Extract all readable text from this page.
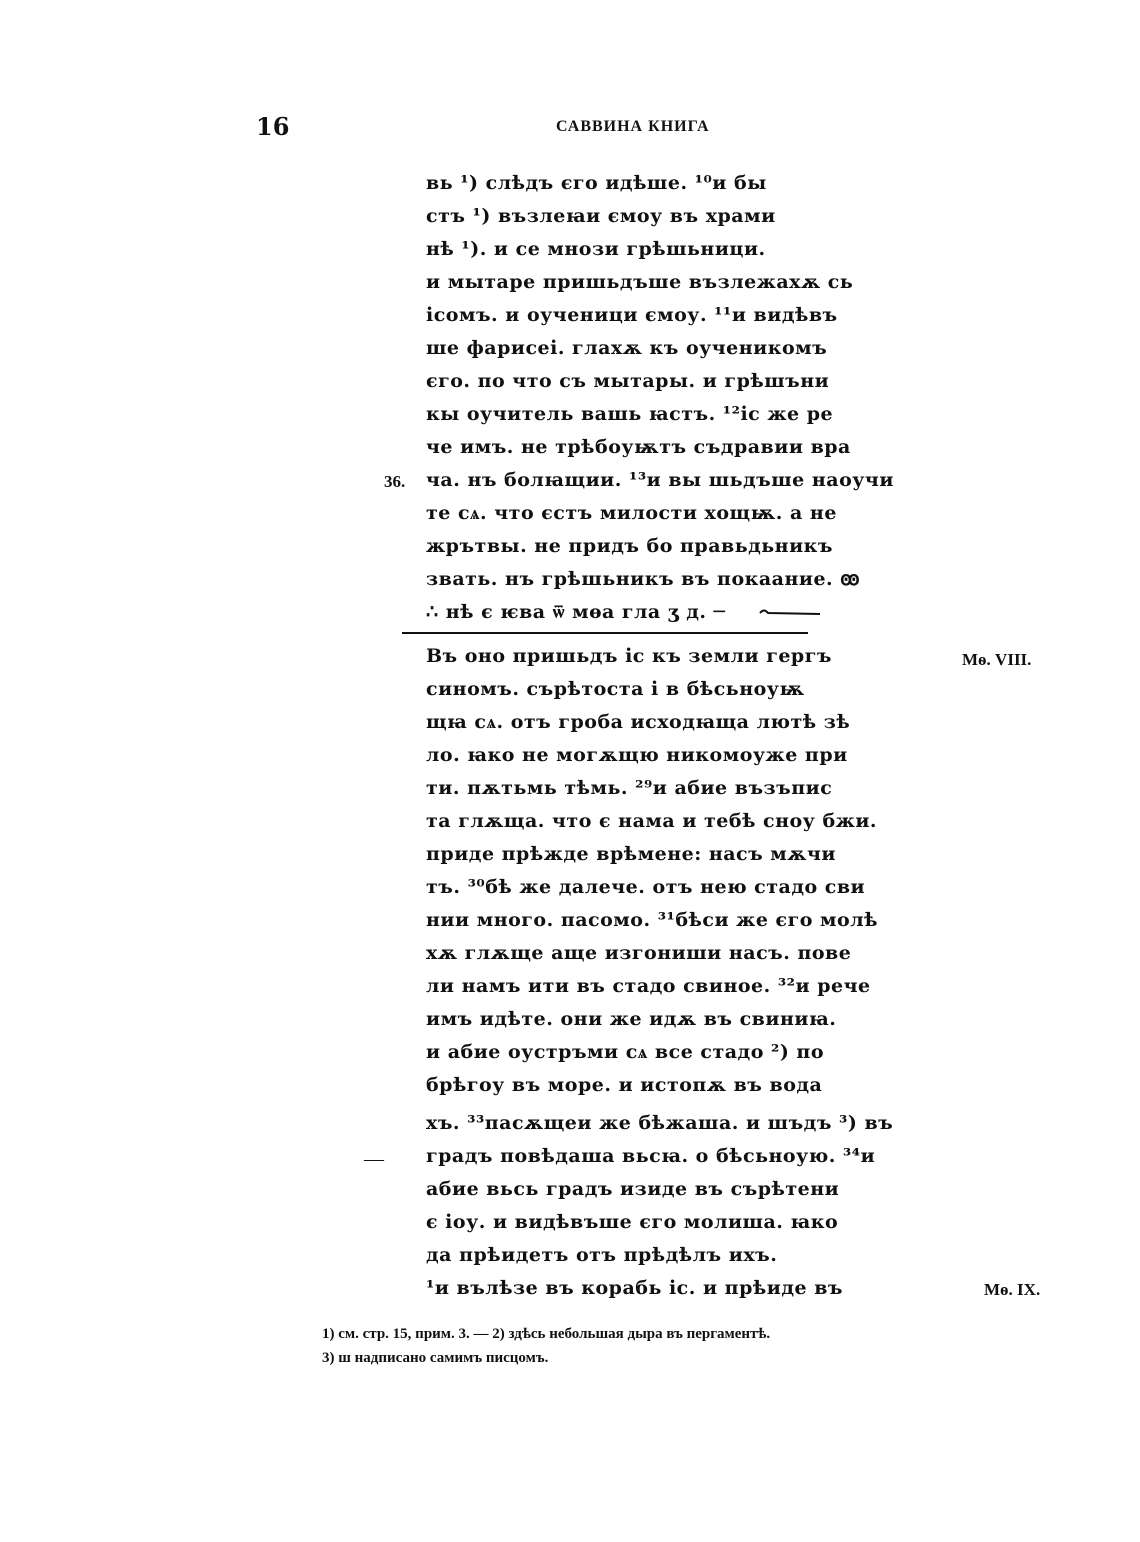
16	САВВИНА КНИГА
вь ¹) слѣдъ єго идѣше. ¹⁰и бы
стъ ¹) възлеꙗи ємоу въ храми
нѣ ¹). и се мнози грѣшьници.
и мытаре пришьдъше възлежахѫ сь
ісомъ. и оученици ємоу. ¹¹и видѣвъ
ше фарисеі. глахѫ къ оученикомъ
єго. по что съ мытары. и грѣшъни
кы оучитель вашь ꙗстъ. ¹²іс же ре
че имъ. не трѣбоуѭтъ съдравии вра
ча. нъ болꙗщии. ¹³и вы шьдъше наоучи
те сѧ. что єстъ милости хощѭ. а не
жрътвы. не придъ бо правьдьникъ
звать. нъ грѣшьникъ въ покаание. ꙭ
∴ нѣ є ѥва ѿ мѳа гла ӡ д. ─
36.
Въ оно пришьдъ іс къ земли гергъ
синомъ. сърѣтоста і в бѣсьноуѭ
щꙗ сѧ. отъ гроба исходꙗща лютѣ зѣ
ло. ꙗко не могѫщю никомоуже при
ти. пѫтьмь тѣмь. ²⁹и абие възъпис
та глѫща. что є нама и тебѣ сноу бжи.
приде прѣжде врѣмене: насъ мѫчи
тъ. ³⁰бѣ же далече. отъ нею стадо сви
нии много. пасомо. ³¹бѣси же єго молѣ
хѫ глѫще аще изгониши насъ. пове
ли намъ ити въ стадо свиное. ³²и рече
имъ идѣте. они же идѫ въ свиниꙗ.
и абие оустръми сѧ все стадо ²) по
брѣгоу въ море. и истопѫ въ вода
хъ. ³³пасѫщеи же бѣжаша. и шъдъ ³) въ
градъ повѣдаша вьсꙗ. о бѣсьноую. ³⁴и
абие вьсь градъ изиде въ сърѣтени
є іоу. и видѣвъше єго молиша. ꙗко
да прѣидетъ отъ прѣдѣлъ ихъ.
¹и вълѣзе въ корабь іс. и прѣиде въ
—
Мѳ. VIII.
Мѳ. IX.
1) см. стр. 15, прим. 3. — 2) здѣсь небольшая дыра въ пергаментѣ.
3) ш надписано самимъ писцомъ.
